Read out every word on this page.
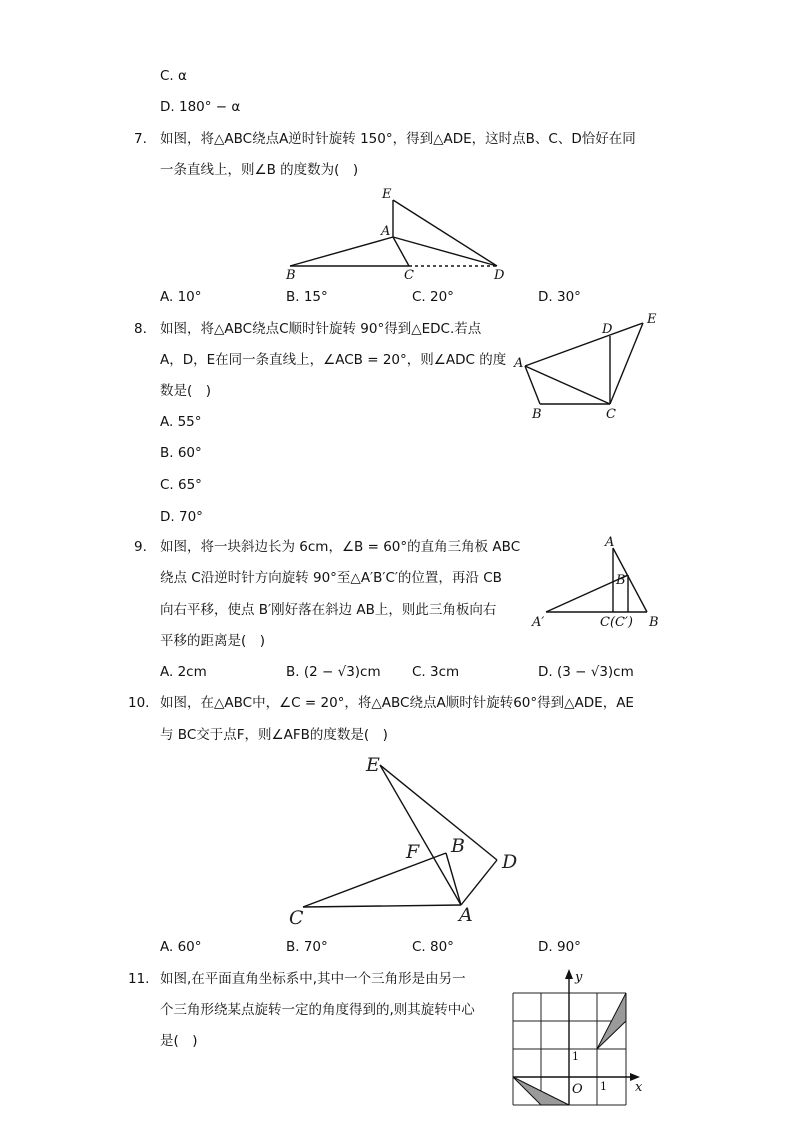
C. α
D. 180° − α
7. 如图，将△ABC绕点A逆时针旋转 150°，得到△ADE，这时点B、C、D恰好在同
一条直线上，则∠B 的度数为(　)
E
A
B	C	D
A. 10°	B. 15°	C. 20°	D. 30°
8. 如图，将△ABC绕点C顺时针旋转 90°得到△EDC.若点
A，D，E在同一条直线上，∠ACB = 20°，则∠ADC 的度
数是(　)
A
B	C
D
E
A. 55°
B. 60°
C. 65°
D. 70°
9. 如图，将一块斜边长为 6cm，∠B = 60°的直角三角板 ABC
绕点 C沿逆时针方向旋转 90°至△A′B′C′的位置，再沿 CB
向右平移，使点 B′刚好落在斜边 AB上，则此三角板向右
平移的距离是(　)
A
B′
A′	C(C′) B
A. 2cm	B. (2 − √3)cm C. 3cm	D. (3 − √3)cm
10. 如图，在△ABC中，∠C = 20°，将△ABC绕点A顺时针旋转60°得到△ADE，AE
与 BC交于点F，则∠AFB的度数是(　)
E
F B
D
C	A
A. 60°	B. 70°	C. 80°	D. 90°
11. 如图,在平面直角坐标系中,其中一个三角形是由另一
个三角形绕某点旋转一定的角度得到的,则其旋转中心
是(　)
y
x
O 1
1
